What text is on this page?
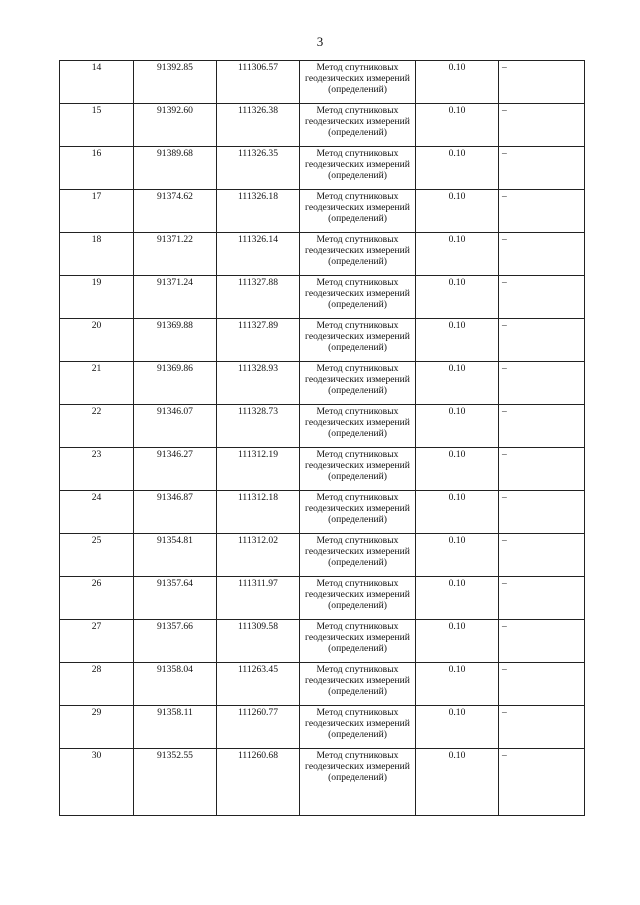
3
14	91392.85	111306.57	Метод спутниковых геодезических измерений (определений)	0.10	–
15	91392.60	111326.38	Метод спутниковых геодезических измерений (определений)	0.10	–
16	91389.68	111326.35	Метод спутниковых геодезических измерений (определений)	0.10	–
17	91374.62	111326.18	Метод спутниковых геодезических измерений (определений)	0.10	–
18	91371.22	111326.14	Метод спутниковых геодезических измерений (определений)	0.10	–
19	91371.24	111327.88	Метод спутниковых геодезических измерений (определений)	0.10	–
20	91369.88	111327.89	Метод спутниковых геодезических измерений (определений)	0.10	–
21	91369.86	111328.93	Метод спутниковых геодезических измерений (определений)	0.10	–
22	91346.07	111328.73	Метод спутниковых геодезических измерений (определений)	0.10	–
23	91346.27	111312.19	Метод спутниковых геодезических измерений (определений)	0.10	–
24	91346.87	111312.18	Метод спутниковых геодезических измерений (определений)	0.10	–
25	91354.81	111312.02	Метод спутниковых геодезических измерений (определений)	0.10	–
26	91357.64	111311.97	Метод спутниковых геодезических измерений (определений)	0.10	–
27	91357.66	111309.58	Метод спутниковых геодезических измерений (определений)	0.10	–
28	91358.04	111263.45	Метод спутниковых геодезических измерений (определений)	0.10	–
29	91358.11	111260.77	Метод спутниковых геодезических измерений (определений)	0.10	–
30	91352.55	111260.68	Метод спутниковых геодезических измерений (определений)	0.10	–
